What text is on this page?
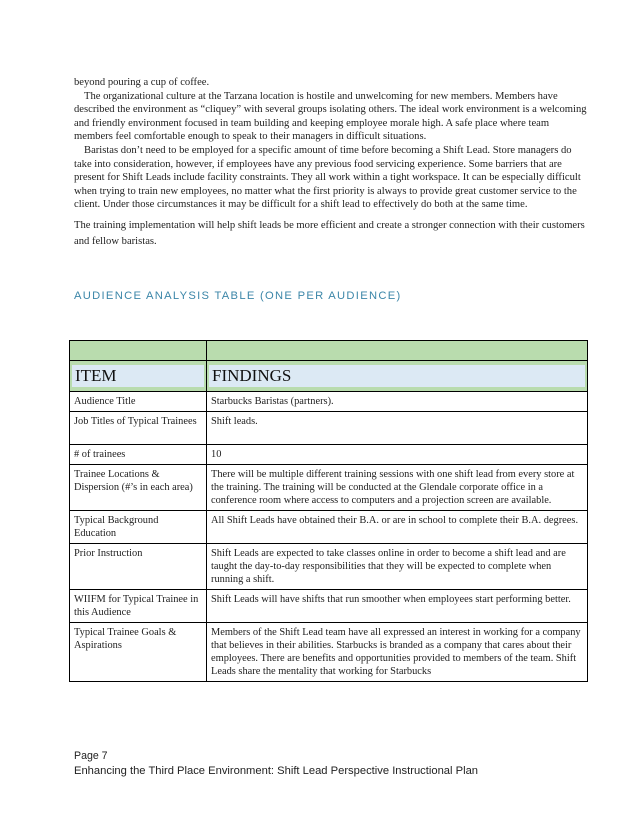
beyond pouring a cup of coffee.

The organizational culture at the Tarzana location is hostile and unwelcoming for new members. Members have described the environment as “cliquey” with several groups isolating others. The ideal work environment is a welcoming and friendly environment focused in team building and keeping employee morale high. A safe place where team members feel comfortable enough to speak to their managers in difficult situations.

Baristas don’t need to be employed for a specific amount of time before becoming a Shift Lead. Store managers do take into consideration, however, if employees have any previous food servicing experience. Some barriers that are present for Shift Leads include facility constraints. They all work within a tight workspace. It can be especially difficult when trying to train new employees, no matter what the first priority is always to provide great customer service to the client. Under those circumstances it may be difficult for a shift lead to effectively do both at the same time.

The training implementation will help shift leads be more efficient and create a stronger connection with their customers and fellow baristas.

AUDIENCE ANALYSIS TABLE (ONE PER AUDIENCE)

ITEM	FINDINGS

Audience Title	Starbucks Baristas (partners).
Job Titles of Typical Trainees	Shift leads.
# of trainees	10
Trainee Locations & Dispersion (#’s in each area)	There will be multiple different training sessions with one shift lead from every store at the training. The training will be conducted at the Glendale corporate office in a conference room where access to computers and a projection screen are available.
Typical Background Education	All Shift Leads have obtained their B.A. or are in school to complete their B.A. degrees.
Prior Instruction	Shift Leads are expected to take classes online in order to become a shift lead and are taught the day-to-day responsibilities that they will be expected to complete when running a shift.
WIIFM for Typical Trainee in this Audience	Shift Leads will have shifts that run smoother when employees start performing better.
Typical Trainee Goals & Aspirations	Members of the Shift Lead team have all expressed an interest in working for a company that believes in their abilities. Starbucks is branded as a company that cares about their employees. There are benefits and opportunities provided to members of the team. Shift Leads share the mentality that working for Starbucks
Page 7
Enhancing the Third Place Environment: Shift Lead Perspective Instructional Plan
